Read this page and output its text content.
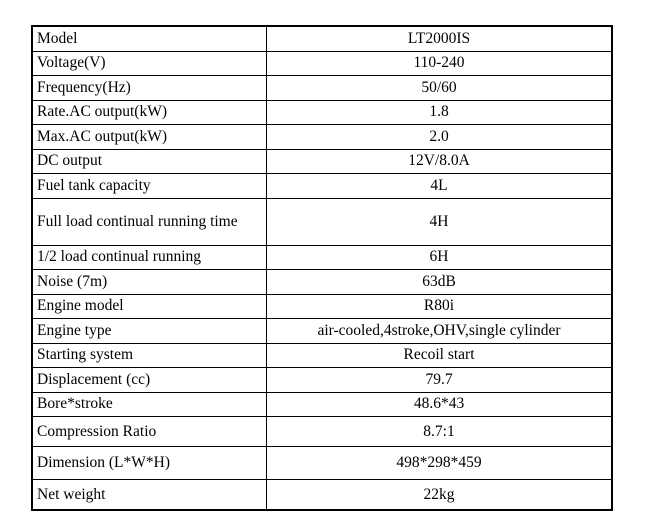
Model	LT2000IS
Voltage(V)	110-240
Frequency(Hz)	50/60
Rate.AC output(kW)	1.8
Max.AC output(kW)	2.0
DC output	12V/8.0A
Fuel tank capacity	4L
Full load continual running time	4H
1/2 load continual running	6H
Noise (7m)	63dB
Engine model	R80i
Engine type	air-cooled,4stroke,OHV,single cylinder
Starting system	Recoil start
Displacement (cc)	79.7
Bore*stroke	48.6*43
Compression Ratio	8.7:1
Dimension (L*W*H)	498*298*459
Net weight	22kg
